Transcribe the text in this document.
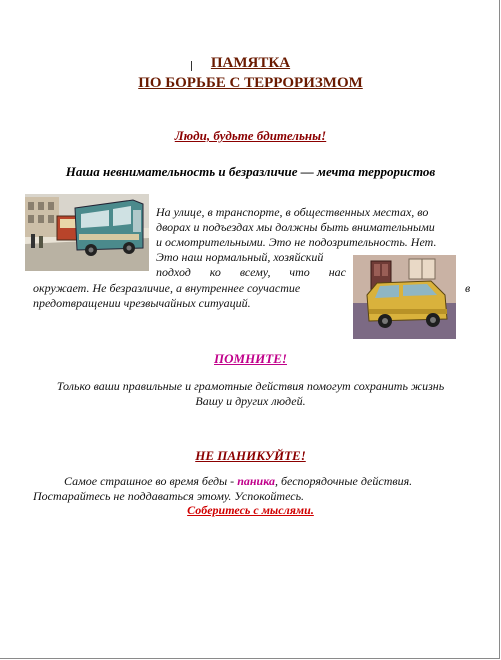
ПАМЯТКА
ПО БОРЬБЕ С ТЕРРОРИЗМОМ
Люди, будьте бдительны!
Наша невнимательность и безразличие — мечта террористов
На улице, в транспорте, в общественных местах, во
дворах и подъездах мы должны быть внимательными
и осмотрительными. Это не подозрительность. Нет.
Это наш нормальный, хозяйский
подход ко всему, что нас
окружает. Не безразличие, а внутреннее соучастие	в
предотвращении чрезвычайных ситуаций.
ПОМНИТЕ!
Только ваши правильные и грамотные действия помогут сохранить жизнь
Вашу и других людей.
НЕ ПАНИКУЙТЕ!
Самое страшное во время беды - паника, беспорядочные действия.
Постарайтесь не поддаваться этому. Успокойтесь.
Соберитесь с мыслями.
